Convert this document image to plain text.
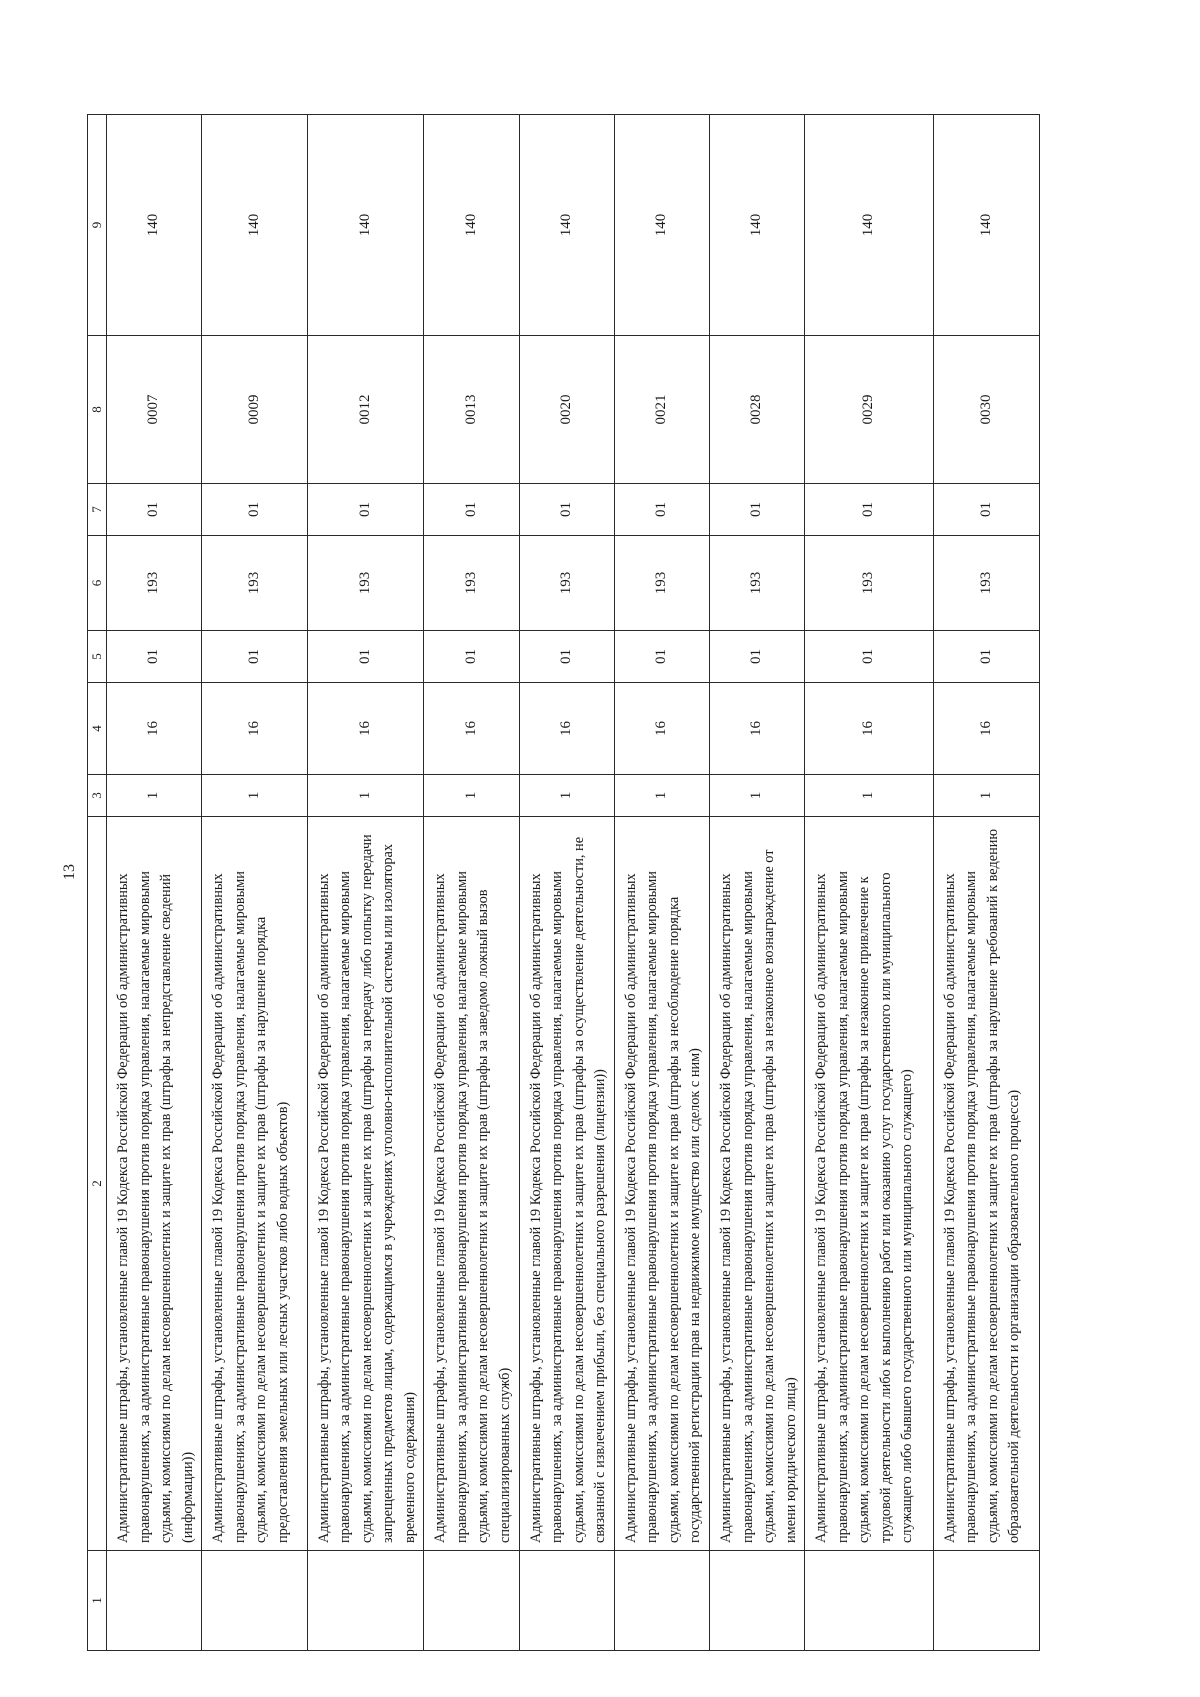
13
1	2	3	4	5	6	7	8	9
	Административные штрафы, установленные главой 19 Кодекса Российской Федерации об административных правонарушениях, за административные правонарушения против порядка управления, налагаемые мировыми судьями, комиссиями по делам несовершеннолетних и защите их прав (штрафы за непредставление сведений (информации))	1	16	01	193	01	0007	140
	Административные штрафы, установленные главой 19 Кодекса Российской Федерации об административных правонарушениях, за административные правонарушения против порядка управления, налагаемые мировыми судьями, комиссиями по делам несовершеннолетних и защите их прав (штрафы за нарушение порядка предоставления земельных или лесных участков либо водных объектов)	1	16	01	193	01	0009	140
	Административные штрафы, установленные главой 19 Кодекса Российской Федерации об административных правонарушениях, за административные правонарушения против порядка управления, налагаемые мировыми судьями, комиссиями по делам несовершеннолетних и защите их прав (штрафы за передачу либо попытку передачи запрещенных предметов лицам, содержащимся в учреждениях уголовно-исполнительной системы или изоляторах временного содержания)	1	16	01	193	01	0012	140
	Административные штрафы, установленные главой 19 Кодекса Российской Федерации об административных правонарушениях, за административные правонарушения против порядка управления, налагаемые мировыми судьями, комиссиями по делам несовершеннолетних и защите их прав (штрафы за заведомо ложный вызов специализированных служб)	1	16	01	193	01	0013	140
	Административные штрафы, установленные главой 19 Кодекса Российской Федерации об административных правонарушениях, за административные правонарушения против порядка управления, налагаемые мировыми судьями, комиссиями по делам несовершеннолетних и защите их прав (штрафы за осуществление деятельности, не связанной с извлечением прибыли, без специального разрешения (лицензии))	1	16	01	193	01	0020	140
	Административные штрафы, установленные главой 19 Кодекса Российской Федерации об административных правонарушениях, за административные правонарушения против порядка управления, налагаемые мировыми судьями, комиссиями по делам несовершеннолетних и защите их прав (штрафы за несоблюдение порядка государственной регистрации прав на недвижимое имущество или сделок с ним)	1	16	01	193	01	0021	140
	Административные штрафы, установленные главой 19 Кодекса Российской Федерации об административных правонарушениях, за административные правонарушения против порядка управления, налагаемые мировыми судьями, комиссиями по делам несовершеннолетних и защите их прав (штрафы за незаконное вознаграждение от имени юридического лица)	1	16	01	193	01	0028	140
	Административные штрафы, установленные главой 19 Кодекса Российской Федерации об административных правонарушениях, за административные правонарушения против порядка управления, налагаемые мировыми судьями, комиссиями по делам несовершеннолетних и защите их прав (штрафы за незаконное привлечение к трудовой деятельности либо к выполнению работ или оказанию услуг государственного или муниципального служащего либо бывшего государственного или муниципального служащего)	1	16	01	193	01	0029	140
	Административные штрафы, установленные главой 19 Кодекса Российской Федерации об административных правонарушениях, за административные правонарушения против порядка управления, налагаемые мировыми судьями, комиссиями по делам несовершеннолетних и защите их прав (штрафы за нарушение требований к ведению образовательной деятельности и организации образовательного процесса)	1	16	01	193	01	0030	140
